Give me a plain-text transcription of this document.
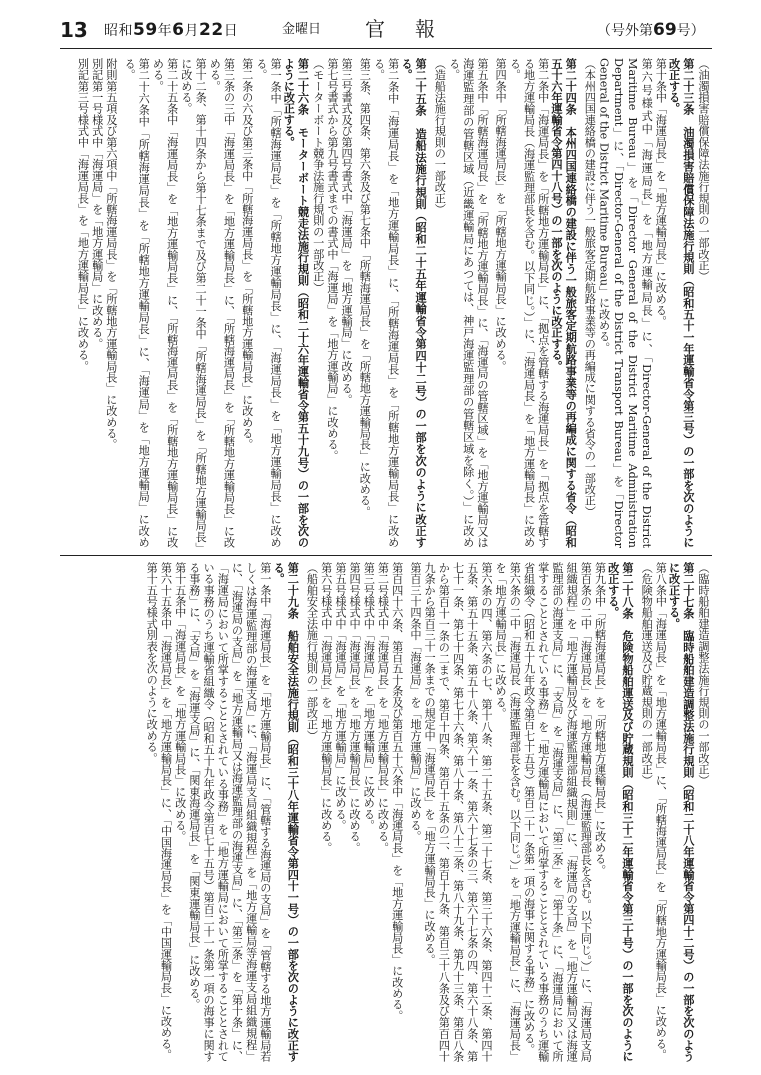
13 昭和59年6月22日	金曜日 官報	（号外第69号）

（油濁損害賠償保障法施行規則の一部改正）

第二十三条　油濁損害賠償保障法施行規則（昭和五十一年運輸省令第三号）の一部を次のように改正する。

第十条中「海運局長」を「地方運輸局長」に改める。

第六号様式中「海運局長」を「地方運輸局長」に、「Director-General of the District Maritime Bureau」を「Director General of the District Maritime Administration Department」に、「Director-General of the District Transport Bureau」を「Director General of the District Maritime Bureau」に改める。

（本州四国連絡橋の建設に伴う一般旅客定期航路事業等の再編成に関する省令の一部改正）

第二十四条　本州四国連絡橋の建設に伴う一般旅客定期航路事業等の再編成に関する省令（昭和五十六年運輸省令第四十八号）の一部を次のように改正する。

第二条中「海運局長」を「所轄地方運輸局長」に、「拠点を管轄する海運局長」を「拠点を管轄する地方運輸局長（海運監理部長を含む。以下同じ。）」に、「海運局長」を「地方運輸局長」に改める。

第四条中「所轄海運局長」を「所轄地方運輸局長」に改める。

第五条中「所轄海運局長」を「所轄地方運輸局長」に、「海運局の管轄区域」を「地方運輸局又は海運監理部の管轄区域（近畿運輸局にあつては、神戸海運監理部の管轄区域を除く。）」に改める。

（造船法施行規則の一部改正）

第二十五条　造船法施行規則（昭和二十五年運輸省令第四十二号）の一部を次のように改正する。

第二条中「海運局長」を「地方運輸局長」に、「所轄海運局長」を「所轄地方運輸局長」に改める。

第三条、第四条、第六条及び第七条中「所轄海運局長」を「所轄地方運輸局長」に改める。

第三号書式及び第四号書式中「海運局」を「地方運輸局」に改める。

第七号書式から第九号書式までの書式中「海運局」を「地方運輸局」に改める。

（モーターボート競争法施行規則の一部改正）

第二十六条　モーターボート競走法施行規則（昭和二十六年運輸省令第五十九号）の一部を次のように改正する。

第一条中「所轄海運局長」を「所轄地方運輸局長」に、「海運局長」を「地方運輸局長」に改める。

第二条の六及び第三条中「所轄海運局長」を「所轄地方運輸局長」に改める。

第三条の三中「海運局長」を「地方運輸局長」に、「所轄海運局長」を「所轄地方運輸局長」に改める。

第十二条、第十四条から第十七条まで及び第二十一条中「所轄海運局長」を「所轄地方運輸局長」に改める。

第二十五条中「海運局長」を「地方運輸局長」に、「所轄海運局長」を「所轄地方運輸局長」に改める。

第二十六条中「所轄海運局長」を「所轄地方運輸局長」に、「海運局」を「地方運輸局」に改める。

附則第五項及び第六項中「所轄海運局長」を「所轄地方運輸局長」に改める。

別記第一号様式中「海運局」を「地方運輸局」に改める。

別記第三号様式中「海運局長」を「地方運輸局長」に改める。

（臨時船舶建造調整法施行規則の一部改正）

第二十七条　臨時船舶建造調整法施行規則（昭和二十八年運輸省令第四十二号）の一部を次のように改正する。

第八条中「海運局長」を「地方運輸局長」に、「所轄海運局長」を「所轄地方運輸局長」に改める。

（危険物船舶運送及び貯蔵規則の一部改正）

第二十八条　危険物船舶運送及び貯蔵規則（昭和三十二年運輸省令第三十号）の一部を次のように改正する。

第九条中「所轄海運局長」を「所轄地方運輸局長」に改める。

第百条の二中「海運局長」を「地方運輸局長（海運監理部長を含む。以下同じ。）」に、「海運局支局組織規程」を「地方運輸局及び海運監理部組織規則」に、「海運局の支局」を「地方運輸局又は海運監理部の海運支局」に、「支局」を「海運支局」に、「第三条」を「第十条」に、「海運局において所掌することとされている事務」を「地方運輸局において所掌することとされている事務のうち運輸省組織令（昭和五十九年政令第百七十五号）第百二十一条第一項の海事に関する事務」に改める。

第六条の二中「海運局長（海運監理部長を含む。以下同じ。）」を「地方運輸局長」に、「海運局長」を「地方運輸局長」に改める。

第六条の四、第六条の七、第十八条、第二十五条、第二十七条、第三十六条、第四十二条、第四十五条、第五十五条、第五十八条、第六十一条、第六十七条の三、第六十七条の四、第六十八条、第七十一条、第七十四条、第七十六条、第八十条、第八十三条、第八十九条、第九十三条、第百八条から第百十一条の二まで、第百十四条、第百十五条の二、第百十九条、第百三十八条及び第百四十九条から第百三十一条までの規定中「海運局長」を「地方運輸局長」に改める。

第百三十四条中「海運局」を「地方運輸局」に改める。

第百四十六条、第百五十条及び第百五十六条中「海運局長」を「地方運輸局長」に改める。

第二号様式中「海運局長」を「地方運輸局長」に改める。

第三号様式中「海運局」を「地方運輸局」に改める。

第四号様式中「海運局長」を「地方運輸局長」に改める。

第五号様式中「海運局」を「地方運輸局」に改める。

第六号様式中「海運局長」を「地方運輸局長」に改める。

（船舶安全法施行規則の一部改正）

第二十九条　船舶安全法施行規則（昭和三十八年運輸省令第四十一号）の一部を次のように改正する。

第一条中「海運局長」を「地方運輸局長」に、「管轄する海運局の支局」を「管轄する地方運輸局若しくは海運監理部の海運支局」に、「海運局支局組織規程」を「地方運輸局等海運支局組織規程」に、「海運局の支局」を「地方運輸局又は海運監理部の海運支局」に、「第三条」を「第十条」に、「海運局において所掌することとされている事務」を「地方運輸局において所掌することとされている事務のうち運輸省組織令（昭和五十九年政令第百七十五号）第百二十一条第一項の海事に関する事務」に、「支局」を「海運支局」に、「関東海運局長」を「関東運輸局長」に改める。

第十五条中「海運局長」を「地方運輸局長」に改める。

第六十五条中「海運局長」を「地方運輸局長」に、「中国海運局長」を「中国運輸局長」に改める。

第十五号様式別表を次のように改める。
